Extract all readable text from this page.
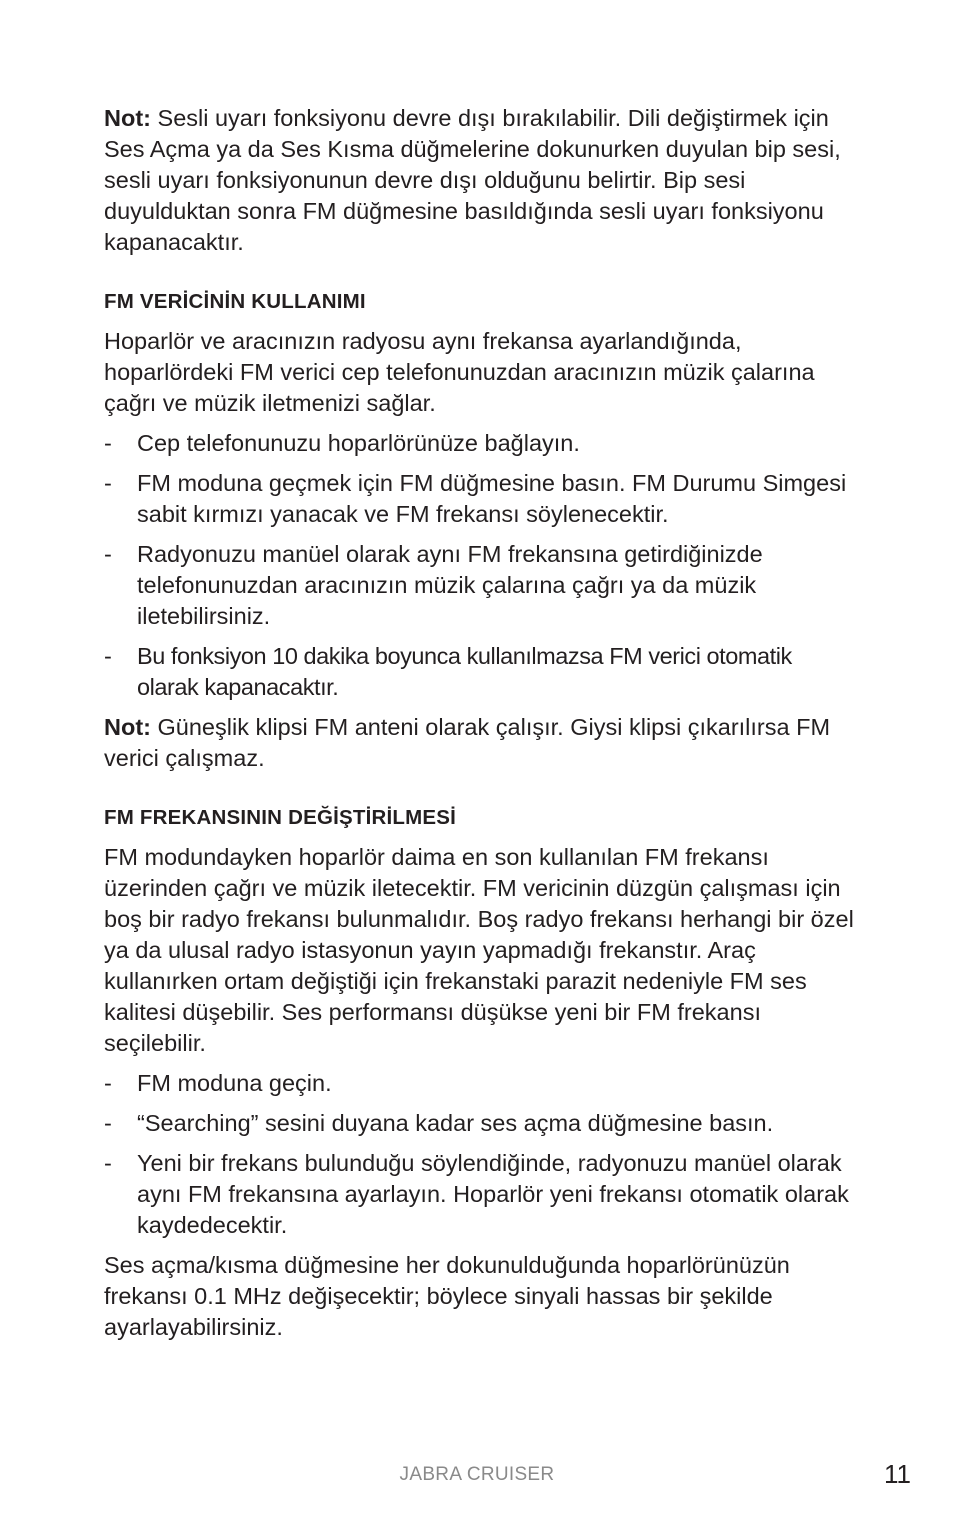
Not: Sesli uyarı fonksiyonu devre dışı bırakılabilir. Dili değiştirmek için Ses Açma ya da Ses Kısma düğmelerine dokunurken duyulan bip sesi, sesli uyarı fonksiyonunun devre dışı olduğunu belirtir. Bip sesi duyulduktan sonra FM düğmesine basıldığında sesli uyarı fonksiyonu kapanacaktır.

FM VERİCİNİN KULLANIMI

Hoparlör ve aracınızın radyosu aynı frekansa ayarlandığında, hoparlördeki FM verici cep telefonunuzdan aracınızın müzik çalarına çağrı ve müzik iletmenizi sağlar.

- Cep telefonunuzu hoparlörünüze bağlayın.
- FM moduna geçmek için FM düğmesine basın. FM Durumu Simgesi sabit kırmızı yanacak ve FM frekansı söylenecektir.
- Radyonuzu manüel olarak aynı FM frekansına getirdiğinizde telefonunuzdan aracınızın müzik çalarına çağrı ya da müzik iletebilirsiniz.
- Bu fonksiyon 10 dakika boyunca kullanılmazsa FM verici otomatik olarak kapanacaktır.

Not: Güneşlik klipsi FM anteni olarak çalışır. Giysi klipsi çıkarılırsa FM verici çalışmaz.

FM FREKANSININ DEĞİŞTİRİLMESİ

FM modundayken hoparlör daima en son kullanılan FM frekansı üzerinden çağrı ve müzik iletecektir. FM vericinin düzgün çalışması için boş bir radyo frekansı bulunmalıdır. Boş radyo frekansı herhangi bir özel ya da ulusal radyo istasyonun yayın yapmadığı frekanstır. Araç kullanırken ortam değiştiği için frekanstaki parazit nedeniyle FM ses kalitesi düşebilir. Ses performansı düşükse yeni bir FM frekansı seçilebilir.

- FM moduna geçin.
- “Searching” sesini duyana kadar ses açma düğmesine basın.
- Yeni bir frekans bulunduğu söylendiğinde, radyonuzu manüel olarak aynı FM frekansına ayarlayın. Hoparlör yeni frekansı otomatik olarak kaydedecektir.

Ses açma/kısma düğmesine her dokunulduğunda hoparlörünüzün frekansı 0.1 MHz değişecektir; böylece sinyali hassas bir şekilde ayarlayabilirsiniz.

JABRA CRUISER	11
